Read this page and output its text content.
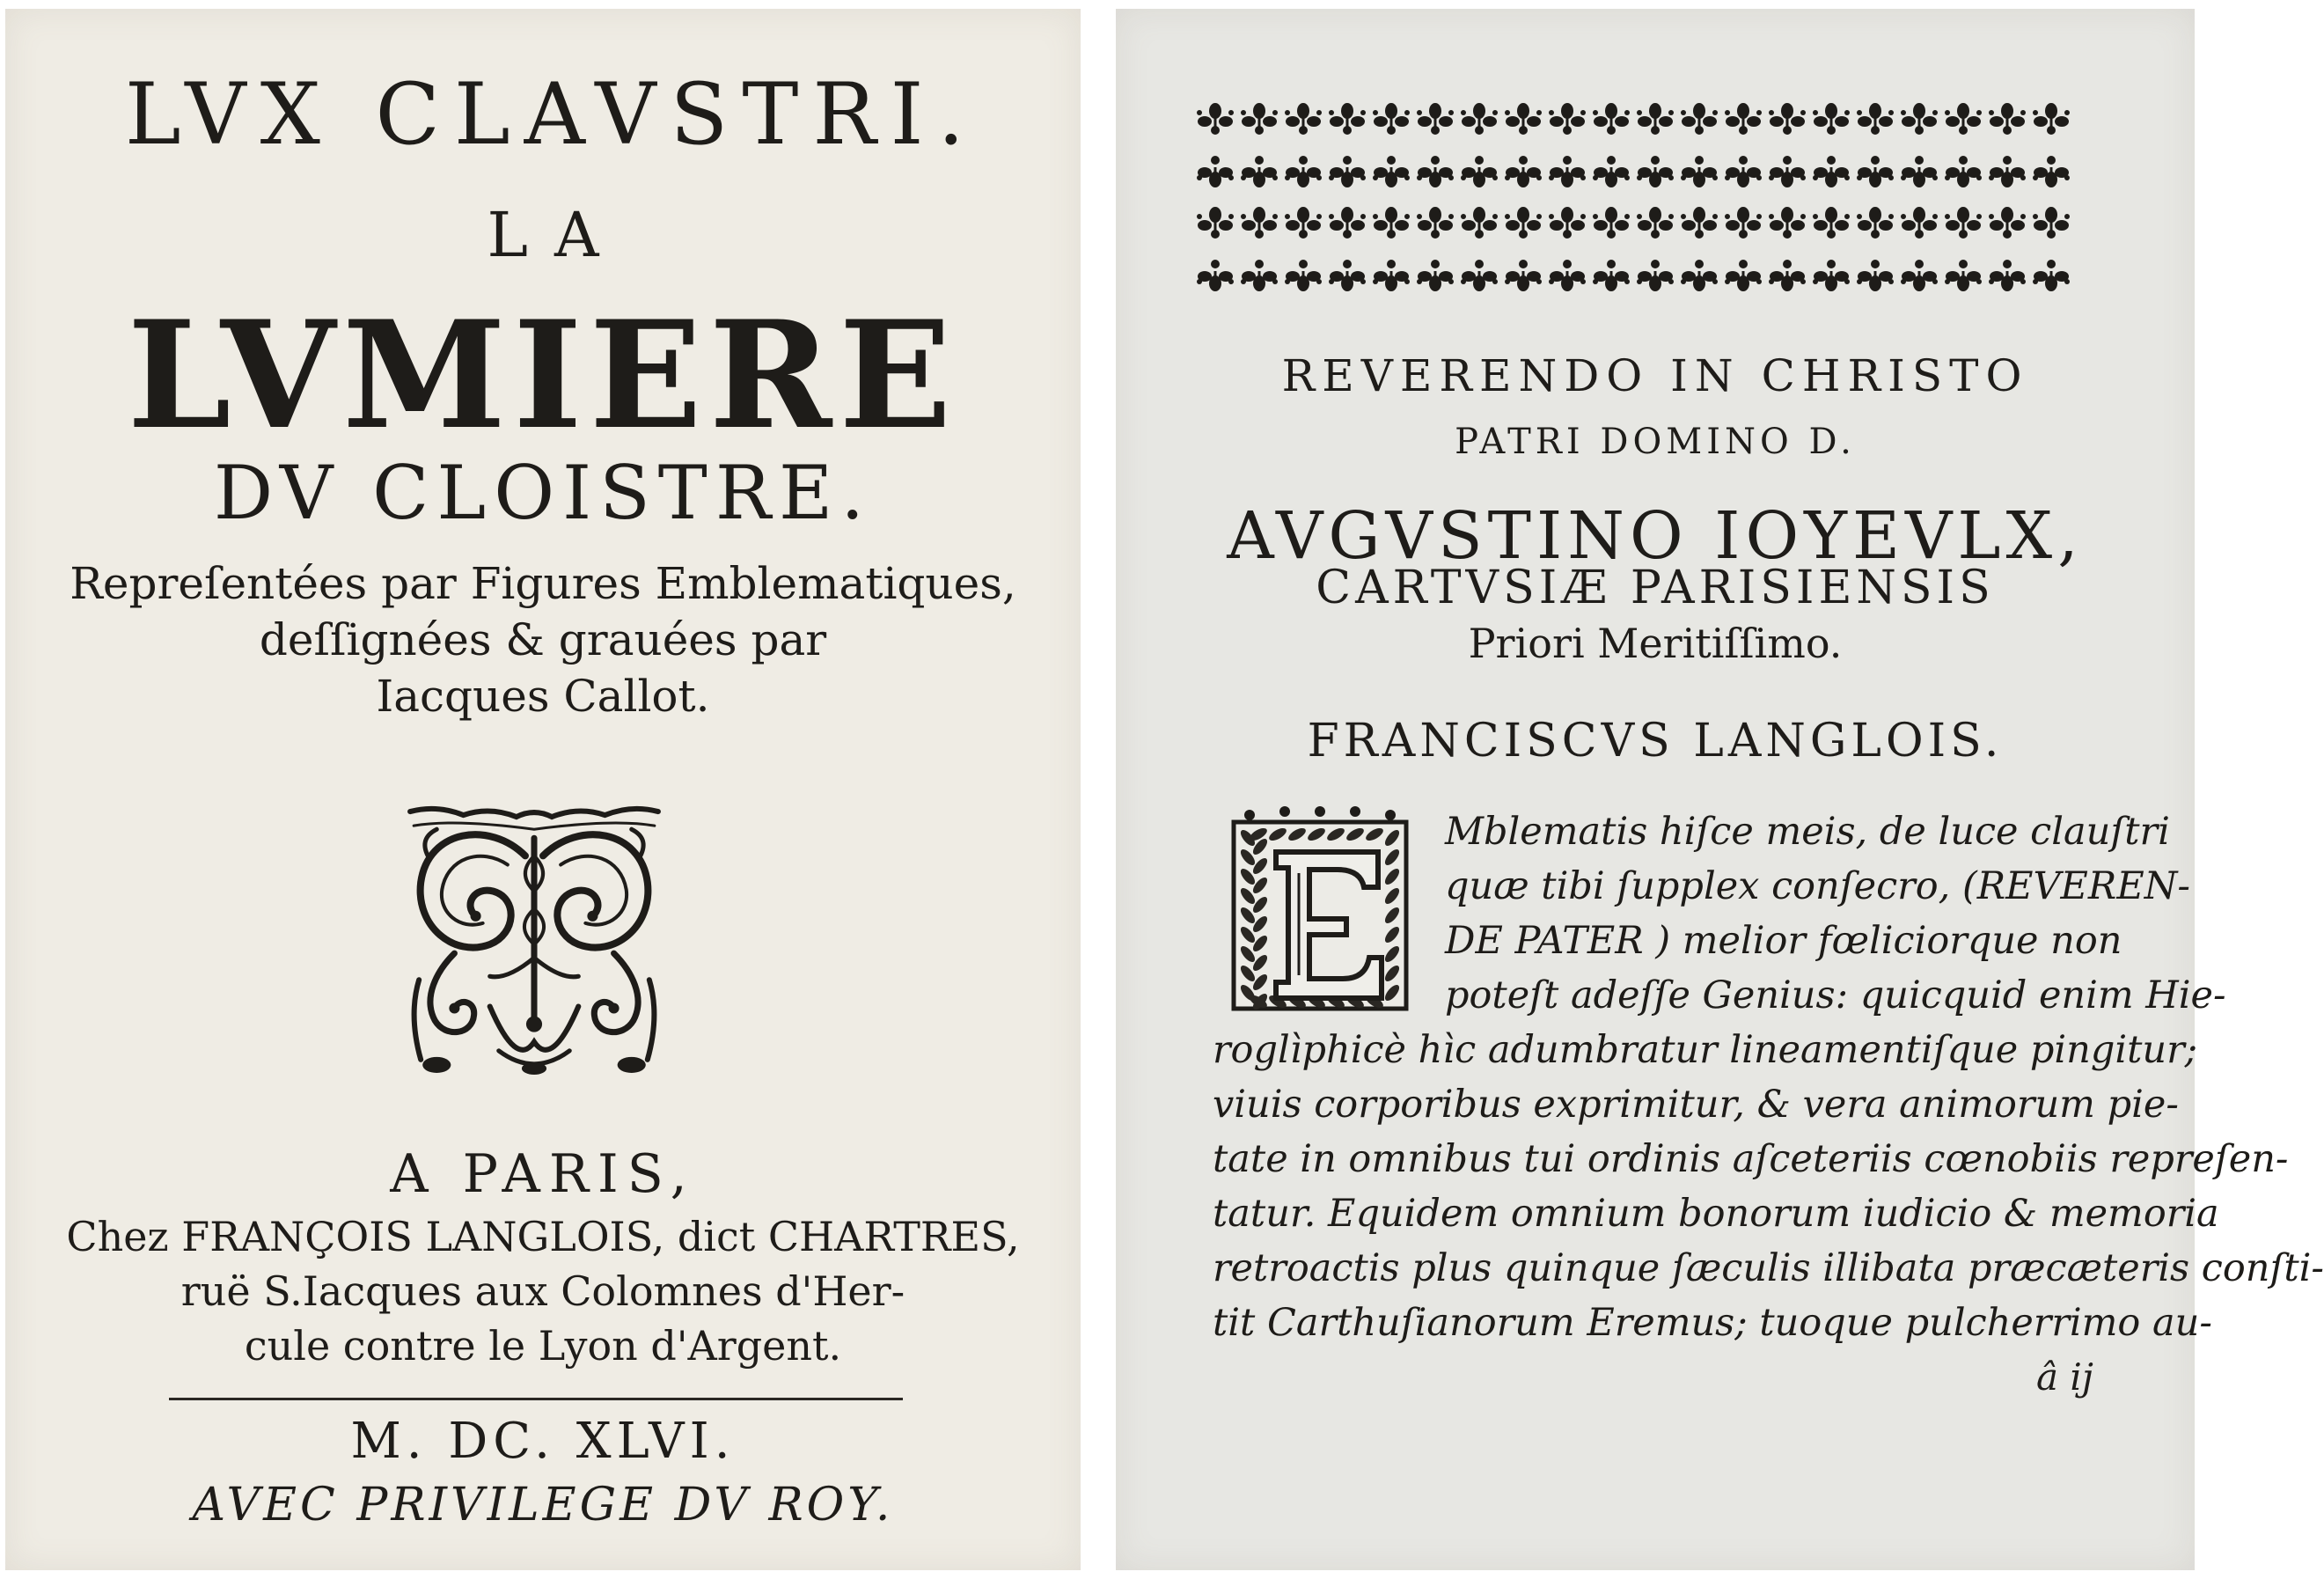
LVX CLAVSTRI.

LA

LVMIERE

DV CLOISTRE.

Repreſentées par Figures Emblematiques,

deſſignées & grauées par

Iacques Callot.

A PARIS,

Chez FRANÇOIS LANGLOIS, dict CHARTRES,

ruë S.Iacques aux Colomnes d'Her-

cule contre le Lyon d'Argent.

M. DC. XLVI.

AVEC PRIVILEGE DV ROY.

REVERENDO IN CHRISTO

PATRI DOMINO D.

AVGVSTINO IOYEVLX,

CARTVSIÆ PARISIENSIS

Priori Meritiſſimo.

FRANCISCVS LANGLOIS.

Mblematis hiſce meis, de luce clauſtri

quæ tibi ſupplex conſecro, (REVEREN-

DE PATER ) melior fœliciorque non

poteſt adeſſe Genius: quicquid enim Hie-

roglìphicè hìc adumbratur lineamentiſque pingitur;

viuis corporibus exprimitur, & vera animorum pie-

tate in omnibus tui ordinis aſceteriis cœnobiis repreſen-

tatur. Equidem omnium bonorum iudicio & memoria

retroactis plus quinque ſæculis illibata præcæteris conſti-

tit Carthuſianorum Eremus; tuoque pulcherrimo au-

â ij
